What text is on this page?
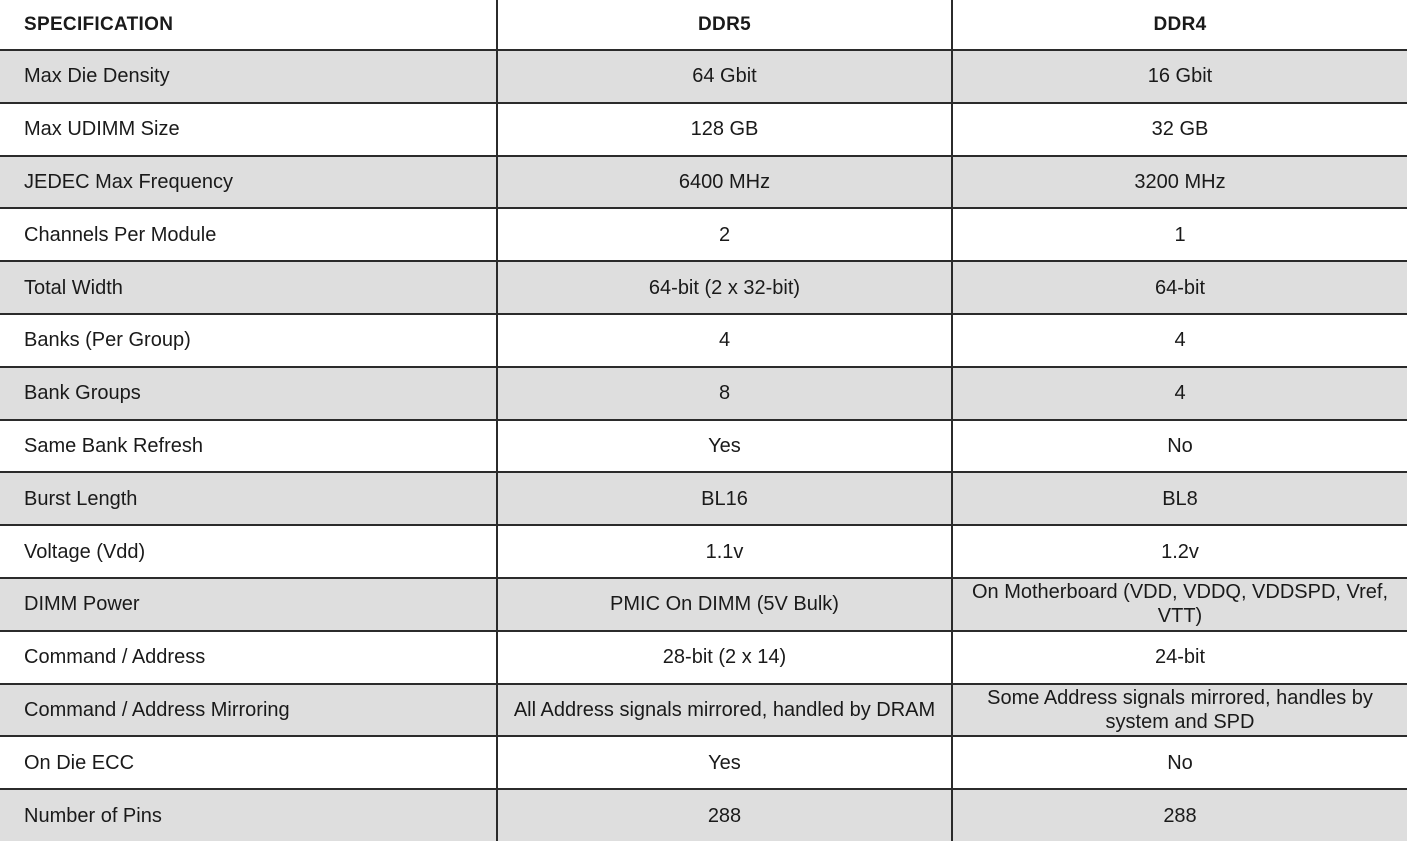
SPECIFICATION	DDR5	DDR4
Max Die Density	64 Gbit	16 Gbit
Max UDIMM Size	128 GB	32 GB
JEDEC Max Frequency	6400 MHz	3200 MHz
Channels Per Module	2	1
Total Width	64-bit (2 x 32-bit)	64-bit
Banks (Per Group)	4	4
Bank Groups	8	4
Same Bank Refresh	Yes	No
Burst Length	BL16	BL8
Voltage (Vdd)	1.1v	1.2v
DIMM Power	PMIC On DIMM (5V Bulk)	On Motherboard (VDD, VDDQ, VDDSPD, Vref, VTT)
Command / Address	28-bit (2 x 14)	24-bit
Command / Address Mirroring	All Address signals mirrored, handled by DRAM	Some Address signals mirrored, handles by system and SPD
On Die ECC	Yes	No
Number of Pins	288	288
